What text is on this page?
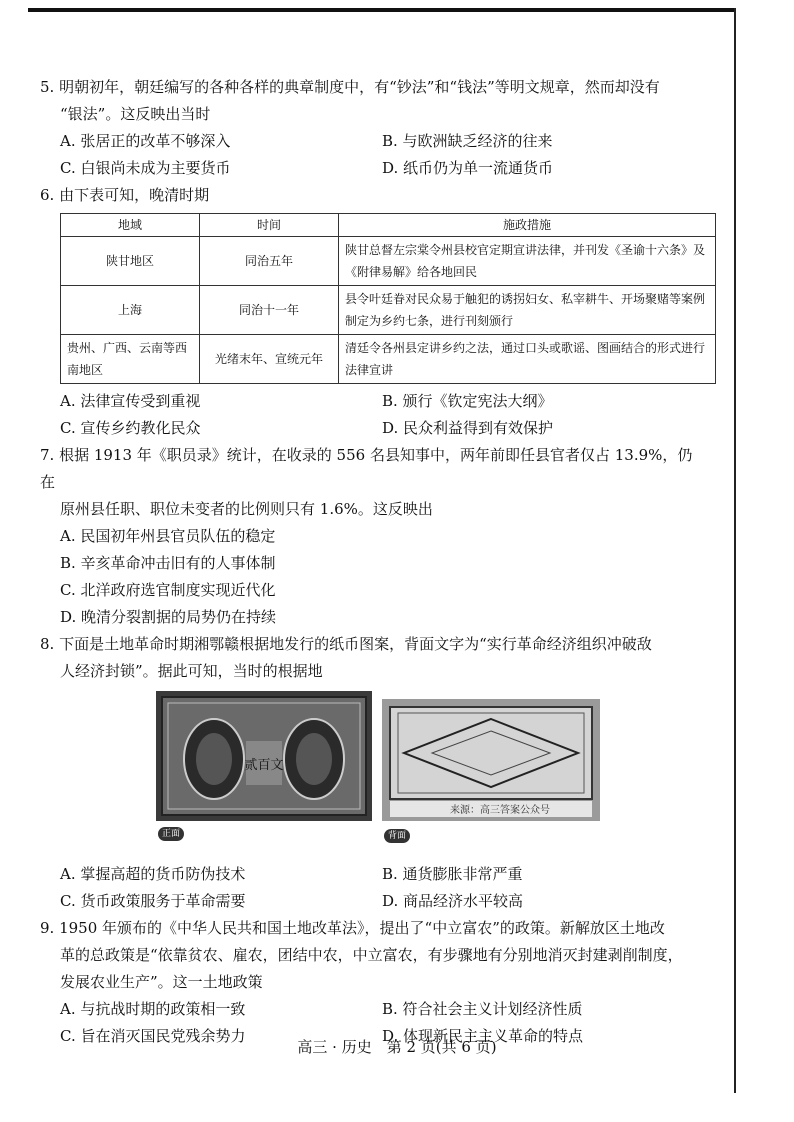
5. 明朝初年，朝廷编写的各种各样的典章制度中，有“钞法”和“钱法”等明文规章，然而却没有

“银法”。这反映出当时

A. 张居正的改革不够深入	B. 与欧洲缺乏经济的往来
C. 白银尚未成为主要货币	D. 纸币仍为单一流通货币

6. 由下表可知，晚清时期

地域	时间	施政措施
陕甘地区	同治五年	陕甘总督左宗棠令州县校官定期宣讲法律，并刊发《圣谕十六条》及《附律易解》给各地回民
上海	同治十一年	县令叶廷眷对民众易于触犯的诱拐妇女、私宰耕牛、开场聚赌等案例制定为乡约七条，进行刊刻颁行
贵州、广西、云南等西南地区	光绪末年、宣统元年	清廷令各州县定讲乡约之法，通过口头或歌谣、图画结合的形式进行法律宣讲
A. 法律宣传受到重视	B. 颁行《钦定宪法大纲》
C. 宣传乡约教化民众	D. 民众利益得到有效保护

7. 根据 1913 年《职员录》统计，在收录的 556 名县知事中，两年前即任县官者仅占 13.9%，仍在

原州县任职、职位未变者的比例则只有 1.6%。这反映出

A. 民国初年州县官员队伍的稳定
B. 辛亥革命冲击旧有的人事体制
C. 北洋政府选官制度实现近代化
D. 晚清分裂割据的局势仍在持续

8. 下面是土地革命时期湘鄂赣根据地发行的纸币图案，背面文字为“实行革命经济组织冲破敌

人经济封锁”。据此可知，当时的根据地

贰百文
正面
来源：高三答案公众号
背面
A. 掌握高超的货币防伪技术	B. 通货膨胀非常严重
C. 货币政策服务于革命需要	D. 商品经济水平较高

9. 1950 年颁布的《中华人民共和国土地改革法》，提出了“中立富农”的政策。新解放区土地改

革的总政策是“依靠贫农、雇农，团结中农，中立富农，有步骤地有分别地消灭封建剥削制度，

发展农业生产”。这一土地政策

A. 与抗战时期的政策相一致	B. 符合社会主义计划经济性质
C. 旨在消灭国民党残余势力	D. 体现新民主主义革命的特点
高三 · 历史　第 2 页(共 6 页)
